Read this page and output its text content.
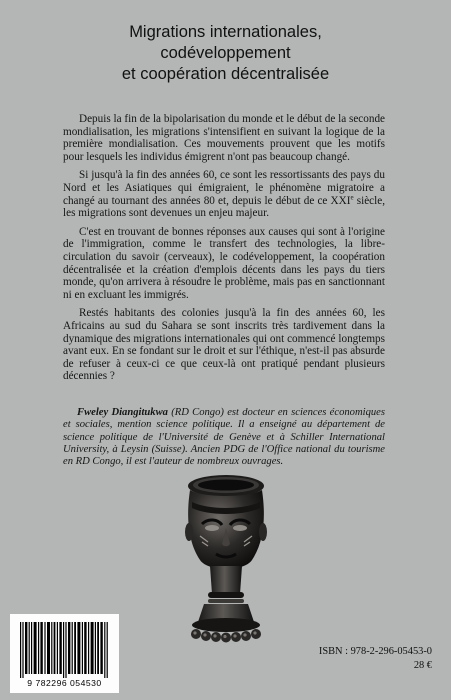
Migrations internationales,
codéveloppement
et coopération décentralisée

Depuis la fin de la bipolarisation du monde et le début de la seconde mondialisation, les migrations s'intensifient en suivant la logique de la première mondialisation. Ces mouvements prouvent que les motifs pour lesquels les individus émigrent n'ont pas beaucoup changé.

Si jusqu'à la fin des années 60, ce sont les ressortissants des pays du Nord et les Asiatiques qui émigraient, le phénomène migratoire a changé au tournant des années 80 et, depuis le début de ce XXIe siècle, les migrations sont devenues un enjeu majeur.

C'est en trouvant de bonnes réponses aux causes qui sont à l'origine de l'immigration, comme le transfert des technologies, la libre-circulation du savoir (cerveaux), le codéveloppement, la coopération décentralisée et la création d'emplois décents dans les pays du tiers monde, qu'on arrivera à résoudre le problème, mais pas en sanctionnant ni en excluant les immigrés.

Restés habitants des colonies jusqu'à la fin des années 60, les Africains au sud du Sahara se sont inscrits très tardivement dans la dynamique des migrations internationales qui ont commencé longtemps avant eux. En se fondant sur le droit et sur l'éthique, n'est-il pas absurde de refuser à ceux-ci ce que ceux-là ont pratiqué pendant plusieurs décennies ?

Fweley Diangitukwa (RD Congo) est docteur en sciences économiques et sociales, mention science politique. Il a enseigné au département de science politique de l'Université de Genève et à Schiller International University, à Leysin (Suisse). Ancien PDG de l'Office national du tourisme en RD Congo, il est l'auteur de nombreux ouvrages.

9 782296 054530
ISBN : 978-2-296-05453-0
28 €
